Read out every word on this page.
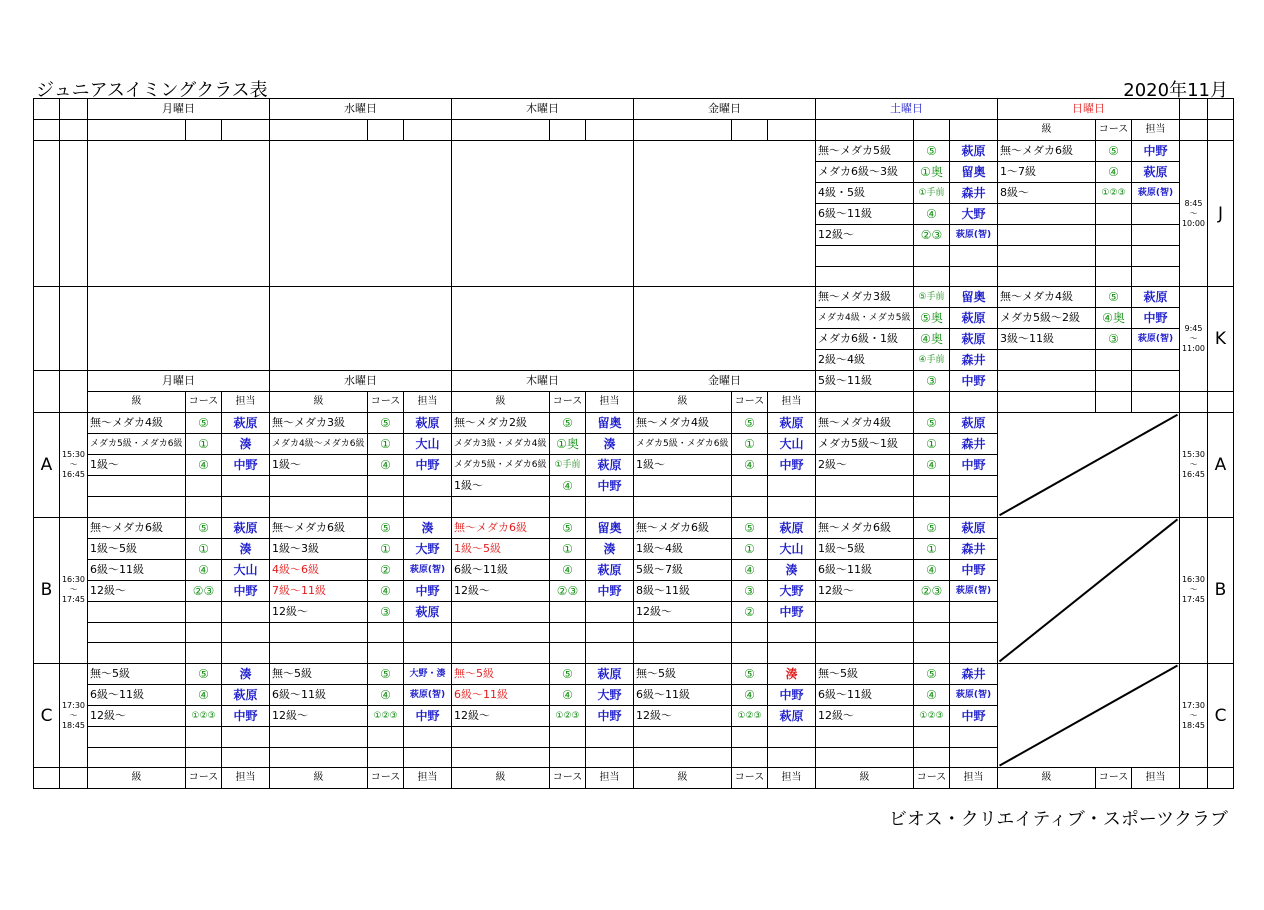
ジュニアスイミングクラス表	2020年11月
		月曜日			水曜日			木曜日			金曜日			土曜日			日曜日				
																	級	コース	担当		
														無〜メダカ5級	⑤	萩原	無〜メダカ6級	⑤	中野	8:45 〜 10:00	J
														メダカ6級〜3級	①奥	留奥	1〜7級	④	萩原		
														4級・5級	①手前	森井	8級〜	①②③	萩原(智)		
														6級〜11級	④	大野					
														12級〜	②③	萩原(智)					

														無〜メダカ3級	⑤手前	留奥	無〜メダカ4級	⑤	萩原	9:45 〜 11:00	K
														メダカ4級・メダカ5級	⑤奥	萩原	メダカ5級〜2級	④奥	中野		
														メダカ6級・1級	④奥	萩原	3級〜11級	③	萩原(智)		
														2級〜4級	④手前	森井					
		月曜日			水曜日			木曜日			金曜日			5級〜11級	③	中野					
		級	コース	担当	級	コース	担当	級	コース	担当	級	コース	担当								
A	15:30 〜 16:45	無〜メダカ4級	⑤	萩原	無〜メダカ3級	⑤	萩原	無〜メダカ2級	⑤	留奥	無〜メダカ4級	⑤	萩原	無〜メダカ4級	⑤	萩原				15:30 〜 16:45	A
		メダカ5級・メダカ6級	①	湊	メダカ4級〜メダカ6級	①	大山	メダカ3級・メダカ4級	①奥	湊	メダカ5級・メダカ6級	①	大山	メダカ5級〜1級	①	森井					
		1級〜	④	中野	1級〜	④	中野	メダカ5級・メダカ6級	①手前	萩原	1級〜	④	中野	2級〜	④	中野					
								1級〜	④	中野											

B	16:30 〜 17:45	無〜メダカ6級	⑤	萩原	無〜メダカ6級	⑤	湊	無〜メダカ6級	⑤	留奥	無〜メダカ6級	⑤	萩原	無〜メダカ6級	⑤	萩原				16:30 〜 17:45	B
		1級〜5級	①	湊	1級〜3級	①	大野	1級〜5級	①	湊	1級〜4級	①	大山	1級〜5級	①	森井					
		6級〜11級	④	大山	4級〜6級	②	萩原(智)	6級〜11級	④	萩原	5級〜7級	④	湊	6級〜11級	④	中野					
		12級〜	②③	中野	7級〜11級	④	中野	12級〜	②③	中野	8級〜11級	③	大野	12級〜	②③	萩原(智)					
					12級〜	③	萩原				12級〜	②	中野								

C	17:30 〜 18:45	無〜5級	⑤	湊	無〜5級	⑤	大野・湊	無〜5級	⑤	萩原	無〜5級	⑤	湊	無〜5級	⑤	森井				17:30 〜 18:45	C
		6級〜11級	④	萩原	6級〜11級	④	萩原(智)	6級〜11級	④	大野	6級〜11級	④	中野	6級〜11級	④	萩原(智)					
		12級〜	①②③	中野	12級〜	①②③	中野	12級〜	①②③	中野	12級〜	①②③	萩原	12級〜	①②③	中野					

		級	コース	担当	級	コース	担当	級	コース	担当	級	コース	担当	級	コース	担当	級	コース	担当		
ビオス・クリエイティブ・スポーツクラブ
